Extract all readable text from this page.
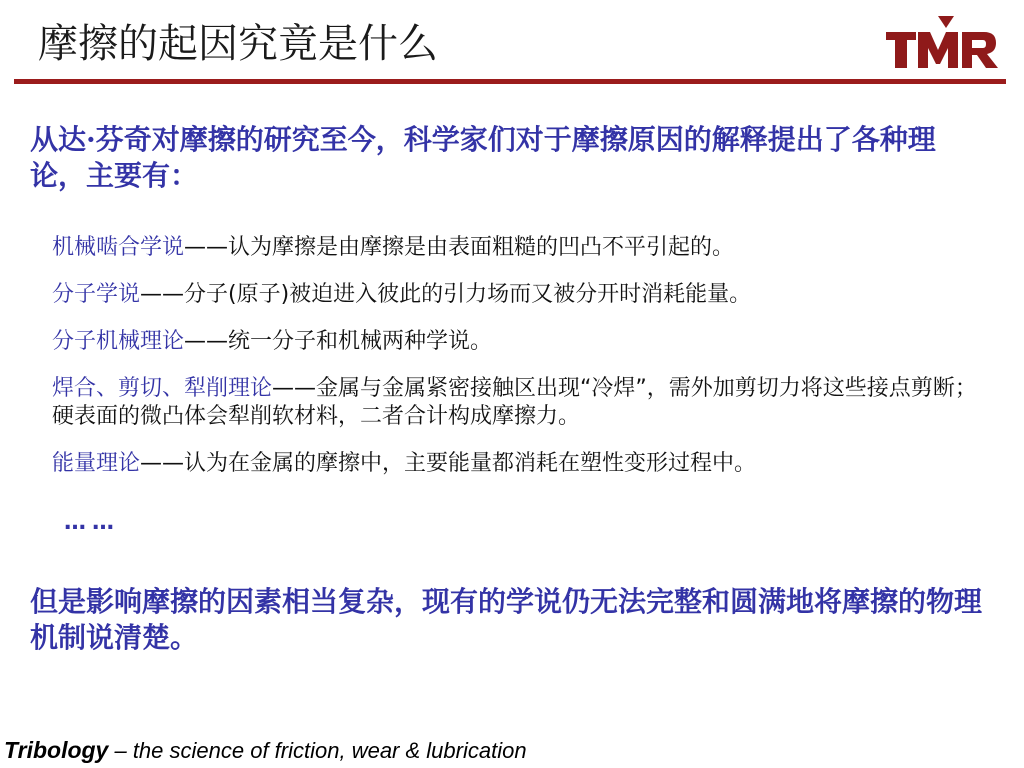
摩擦的起因究竟是什么
TMR
从达·芬奇对摩擦的研究至今，科学家们对于摩擦原因的解释提出了各种理论，主要有：
机械啮合学说——认为摩擦是由摩擦是由表面粗糙的凹凸不平引起的。
分子学说——分子(原子)被迫进入彼此的引力场而又被分开时消耗能量。
分子机械理论——统一分子和机械两种学说。
焊合、剪切、犁削理论——金属与金属紧密接触区出现“冷焊”，需外加剪切力将这些接点剪断；硬表面的微凸体会犁削软材料，二者合计构成摩擦力。
能量理论——认为在金属的摩擦中，主要能量都消耗在塑性变形过程中。
……
但是影响摩擦的因素相当复杂，现有的学说仍无法完整和圆满地将摩擦的物理机制说清楚。
Tribology – the science of friction, wear & lubrication
